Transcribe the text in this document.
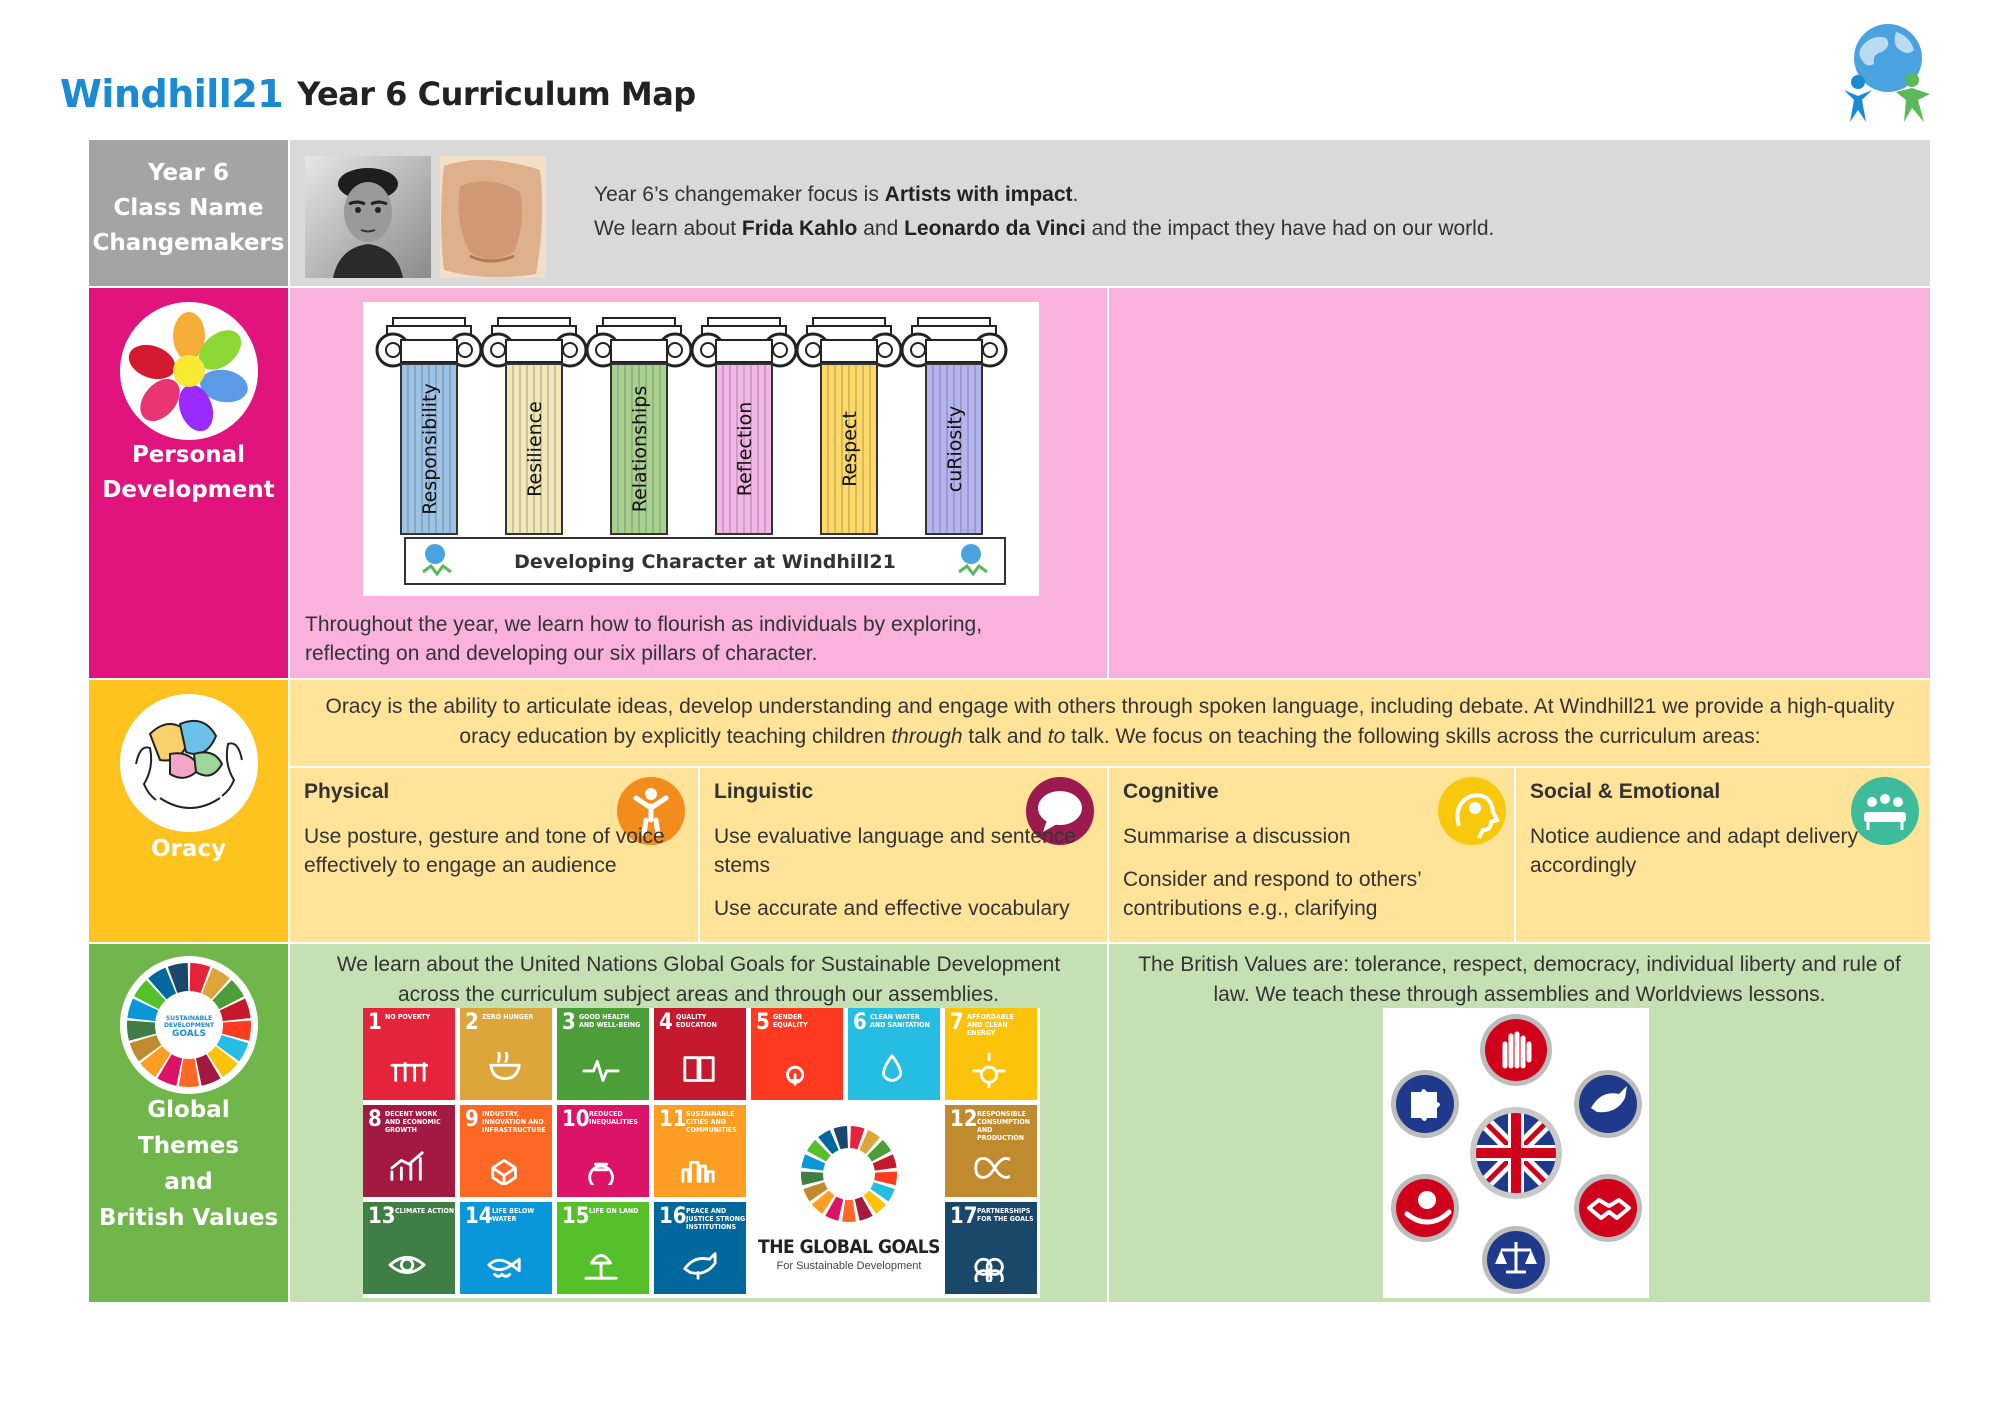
Windhill21 Year 6 Curriculum Map
Year 6
Class Name
Changemakers
Year 6’s changemaker focus is Artists with impact.
We learn about Frida Kahlo and Leonardo da Vinci and the impact they have had on our world.
Personal
Development	Responsibility	Resilience	Relationships	Reflection	Respect	cuRiosity
Developing Character at Windhill21
Throughout the year, we learn how to flourish as individuals by exploring, reflecting on and developing our six pillars of character.
Oracy
Oracy is the ability to articulate ideas, develop understanding and engage with others through spoken language, including debate. At Windhill21 we provide a high-quality oracy education by explicitly teaching children through talk and to talk. We focus on teaching the following skills across the curriculum areas:
Physical

Use posture, gesture and tone of voice effectively to engage an audience

Linguistic

Use evaluative language and sentence stems

Use accurate and effective vocabulary

Cognitive

Summarise a discussion

Consider and respond to others’ contributions e.g., clarifying

Social & Emotional

Notice audience and adapt delivery accordingly

SUSTAINABLE
DEVELOPMENT
GOALS
Global
Themes
and
British Values
We learn about the United Nations Global Goals for Sustainable Development across the curriculum subject areas and through our assemblies.
THE GLOBAL GOALS
For Sustainable Development
1 NO POVERTY	2 ZERO HUNGER	3 GOOD HEALTH AND WELL-BEING 4 QUALITY EDUCATION	5 GENDER EQUALITY	6 CLEAN WATER AND SANITATION 7 AFFORDABLE AND CLEAN ENERGY
8 DECENT WORK AND ECONOMIC GROWTH	9 INDUSTRY, INNOVATION AND INFRASTRUCTURE 10 REDUCED INEQUALITIES 11 SUSTAINABLE CITIES AND COMMUNITIES	12 RESPONSIBLE CONSUMPTION AND PRODUCTION
13 CLIMATE ACTION 14 LIFE BELOW WATER	15 LIFE ON LAND 16 PEACE AND JUSTICE STRONG INSTITUTIONS	17 PARTNERSHIPS FOR THE GOALS
The British Values are: tolerance, respect, democracy, individual liberty and rule of law. We teach these through assemblies and Worldviews lessons.
